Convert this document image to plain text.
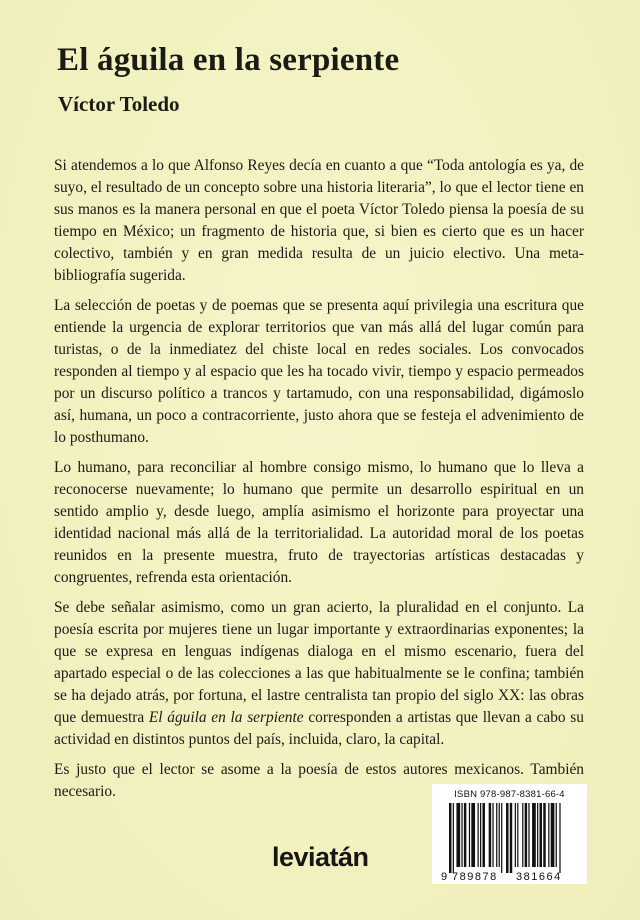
El águila en la serpiente
Víctor Toledo

Si atendemos a lo que Alfonso Reyes decía en cuanto a que “Toda antología es ya, de suyo, el resultado de un concepto sobre una historia literaria”, lo que el lector tiene en sus manos es la manera personal en que el poeta Víctor Toledo piensa la poesía de su tiempo en México; un fragmento de historia que, si bien es cierto que es un hacer colectivo, también y en gran medida resulta de un juicio electivo. Una meta-bibliografía sugerida.

La selección de poetas y de poemas que se presenta aquí privilegia una escritura que entiende la urgencia de explorar territorios que van más allá del lugar común para turistas, o de la inmediatez del chiste local en redes sociales. Los convocados responden al tiempo y al espacio que les ha tocado vivir, tiempo y espacio permeados por un discurso político a trancos y tartamudo, con una responsabilidad, digámoslo así, humana, un poco a contracorriente, justo ahora que se festeja el advenimiento de lo posthumano.

Lo humano, para reconciliar al hombre consigo mismo, lo humano que lo lleva a reconocerse nuevamente; lo humano que permite un desarrollo espiritual en un sentido amplio y, desde luego, amplía asimismo el horizonte para proyectar una identidad nacional más allá de la territorialidad. La autoridad moral de los poetas reunidos en la presente muestra, fruto de trayectorias artísticas destacadas y congruentes, refrenda esta orientación.

Se debe señalar asimismo, como un gran acierto, la pluralidad en el conjunto. La poesía escrita por mujeres tiene un lugar importante y extraordinarias exponentes; la que se expresa en lenguas indígenas dialoga en el mismo escenario, fuera del apartado especial o de las colecciones a las que habitualmente se le confina; también se ha dejado atrás, por fortuna, el lastre centralista tan propio del siglo XX: las obras que demuestra El águila en la serpiente corresponden a artistas que llevan a cabo su actividad en distintos puntos del país, incluida, claro, la capital.

Es justo que el lector se asome a la poesía de estos autores mexicanos. También necesario.

leviatán
ISBN 978-987-8381-66-4
9 789878 381664
